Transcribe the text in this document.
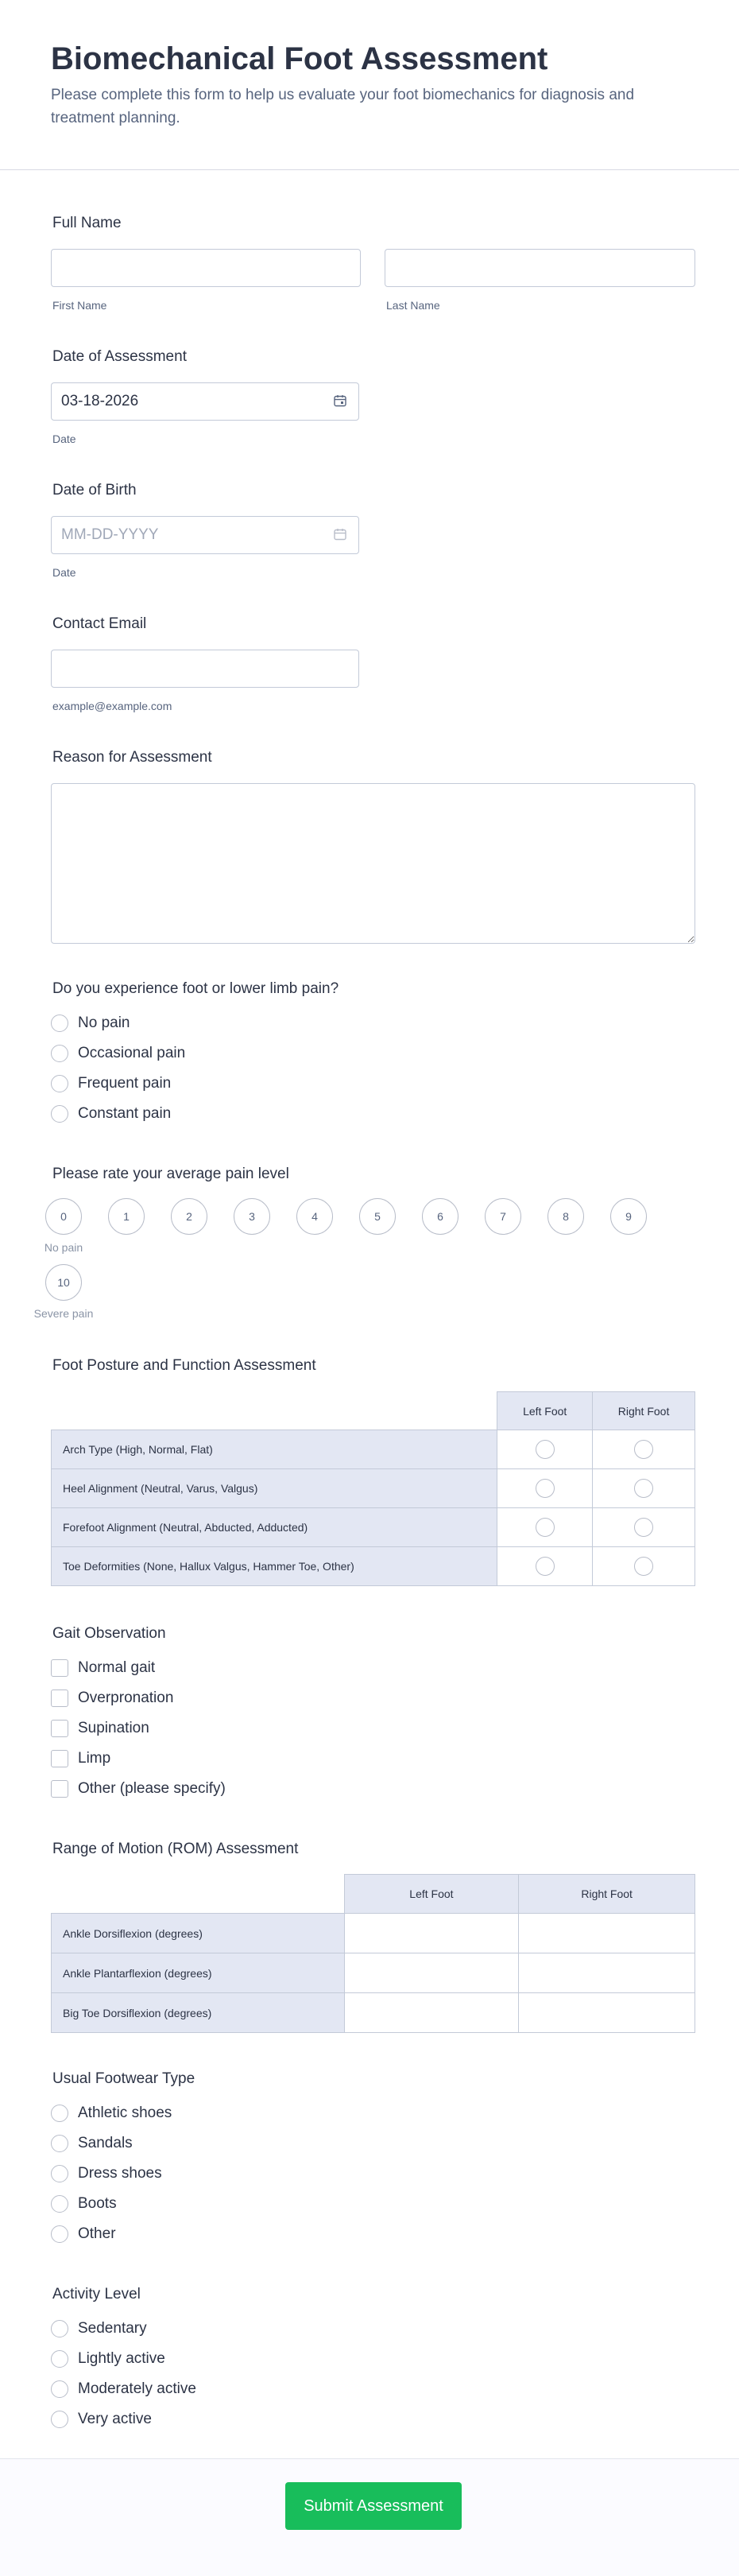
Biomechanical Foot Assessment

Please complete this form to help us evaluate your foot biomechanics for diagnosis and treatment planning.

Full Name
First Name	Last Name
Date of Assessment
03-18-2026
Date
Date of Birth
MM-DD-YYYY
Date
Contact Email
example@example.com
Reason for Assessment
Do you experience foot or lower limb pain?
No pain
Occasional pain
Frequent pain
Constant pain
Please rate your average pain level
0
No pain
1	2	3	4	5	6	7	8	9
10
Severe pain
Foot Posture and Function Assessment
	Left Foot	Right Foot
Arch Type (High, Normal, Flat)	

Heel Alignment (Neutral, Varus, Valgus)	

Forefoot Alignment (Neutral, Abducted, Adducted)	

Toe Deformities (None, Hallux Valgus, Hammer Toe, Other)	

Gait Observation
Normal gait
Overpronation
Supination
Limp
Other (please specify)
Range of Motion (ROM) Assessment
	Left Foot	Right Foot
Ankle Dorsiflexion (degrees)		
Ankle Plantarflexion (degrees)		
Big Toe Dorsiflexion (degrees)		
Usual Footwear Type
Athletic shoes
Sandals
Dress shoes
Boots
Other
Activity Level
Sedentary
Lightly active
Moderately active
Very active
Submit Assessment
